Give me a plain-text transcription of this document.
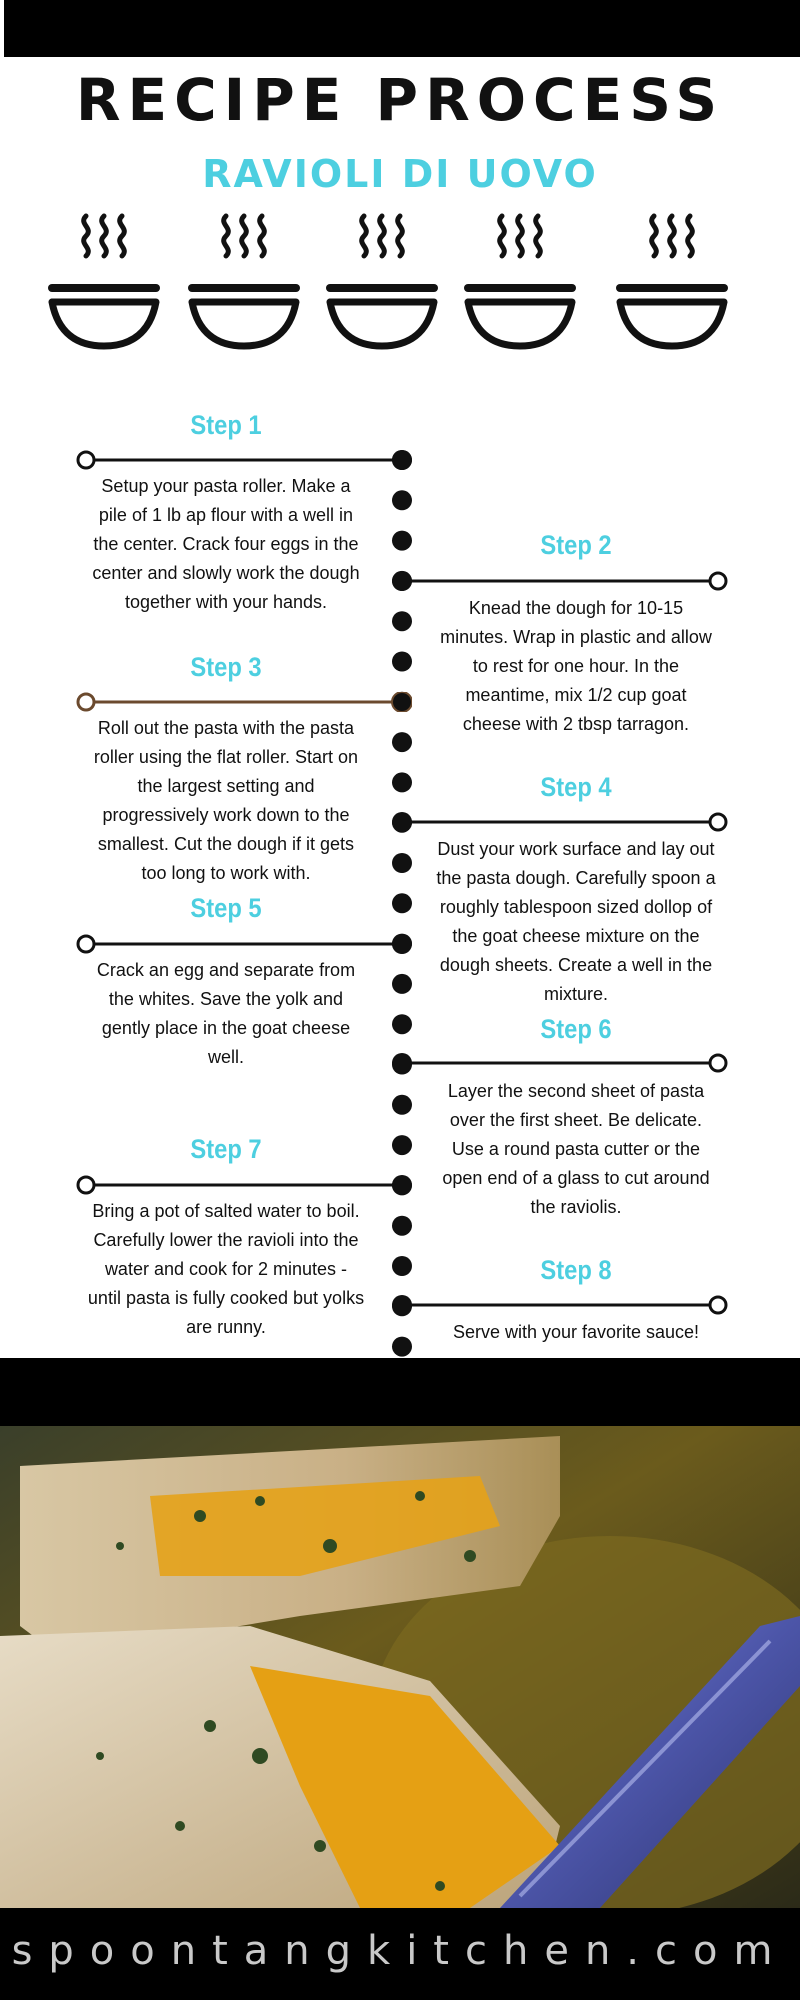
RECIPE PROCESS
RAVIOLI DI UOVO
Step 1
Setup your pasta roller. Make a pile of 1 lb ap flour with a well in the center. Crack four eggs in the center and slowly work the dough together with your hands.
Step 2
Knead the dough for 10-15 minutes. Wrap in plastic and allow to rest for one hour. In the meantime, mix 1/2 cup goat cheese with 2 tbsp tarragon.
Step 3
Roll out the pasta with the pasta roller using the flat roller. Start on the largest setting and progressively work down to the smallest. Cut the dough if it gets too long to work with.
Step 4
Dust your work surface and lay out the pasta dough. Carefully spoon a roughly tablespoon sized dollop of the goat cheese mixture on the dough sheets. Create a well in the mixture.
Step 5
Crack an egg and separate from the whites. Save the yolk and gently place in the goat cheese well.
Step 6
Layer the second sheet of pasta over the first sheet. Be delicate. Use a round pasta cutter or the open end of a glass to cut around the raviolis.
Step 7
Bring a pot of salted water to boil. Carefully lower the ravioli into the water and cook for 2 minutes - until pasta is fully cooked but yolks are runny.
Step 8
Serve with your favorite sauce!
spoontangkitchen.com
